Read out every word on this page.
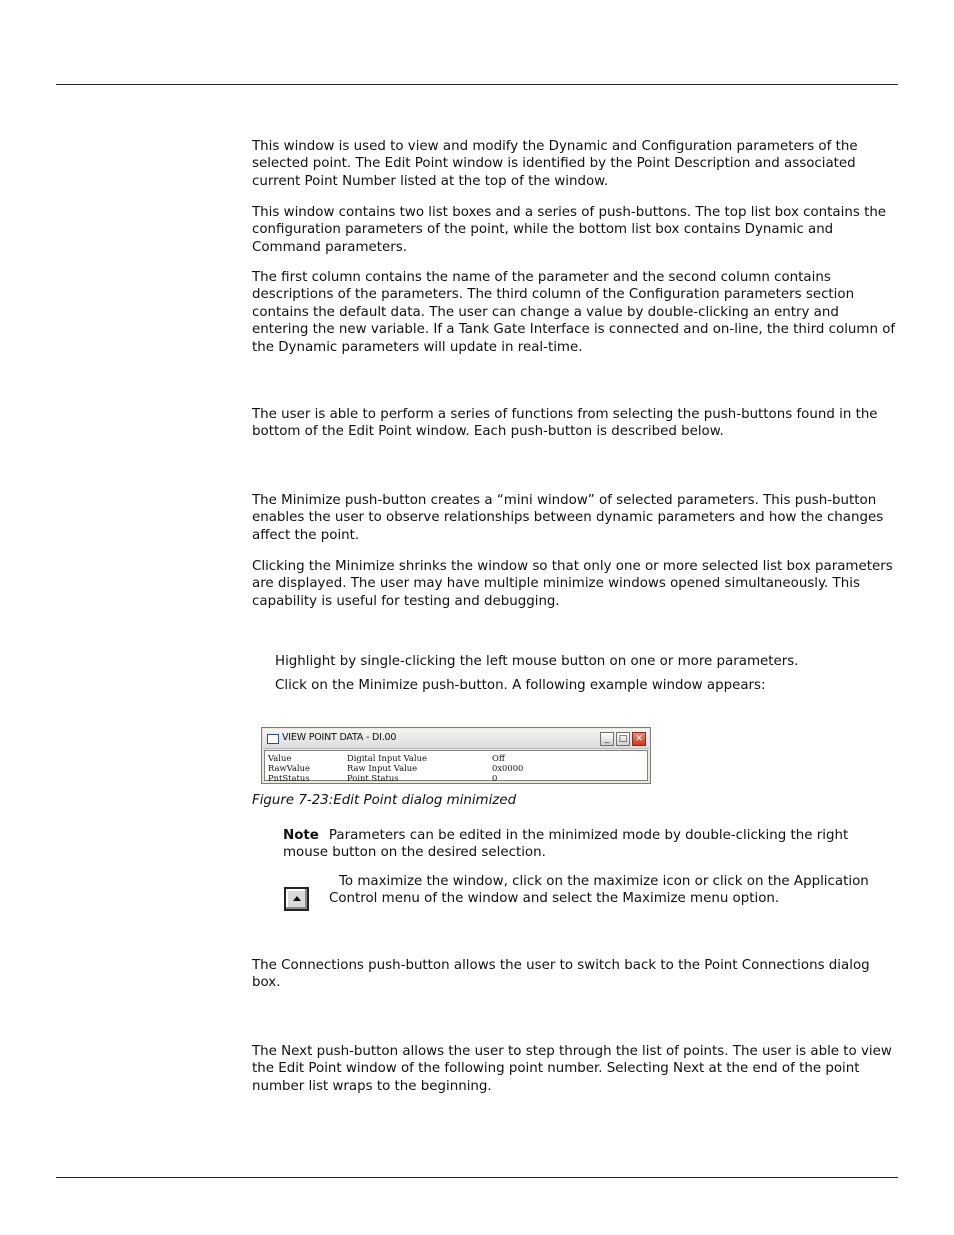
This window is used to view and modify the Dynamic and Configuration parameters of the selected point. The Edit Point window is identified by the Point Description and associated current Point Number listed at the top of the window.

This window contains two list boxes and a series of push-buttons. The top list box contains the configuration parameters of the point, while the bottom list box contains Dynamic and Command parameters.

The first column contains the name of the parameter and the second column contains descriptions of the parameters. The third column of the Configuration parameters section contains the default data. The user can change a value by double-clicking an entry and entering the new variable. If a Tank Gate Interface is connected and on-line, the third column of the Dynamic parameters will update in real-time.

The user is able to perform a series of functions from selecting the push-buttons found in the bottom of the Edit Point window. Each push-button is described below.

The Minimize push-button creates a “mini window” of selected parameters. This push-button enables the user to observe relationships between dynamic parameters and how the changes affect the point.

Clicking the Minimize shrinks the window so that only one or more selected list box parameters are displayed. The user may have multiple minimize windows opened simultaneously. This capability is useful for testing and debugging.

Highlight by single-clicking the left mouse button on one or more parameters.

Click on the Minimize push-button. A following example window appears:

VIEW POINT DATA - DI.00	_	□ ✕
Value	Digital Input Value	Off
RawValue	Raw Input Value	0x0000
PntStatus	Point Status	0

Figure 7-23:Edit Point dialog minimized

Note Parameters can be edited in the minimized mode by double-clicking the right mouse button on the desired selection.

To maximize the window, click on the maximize icon or click on the Application Control menu of the window and select the Maximize menu option.

The Connections push-button allows the user to switch back to the Point Connections dialog box.

The Next push-button allows the user to step through the list of points. The user is able to view the Edit Point window of the following point number. Selecting Next at the end of the point number list wraps to the beginning.
